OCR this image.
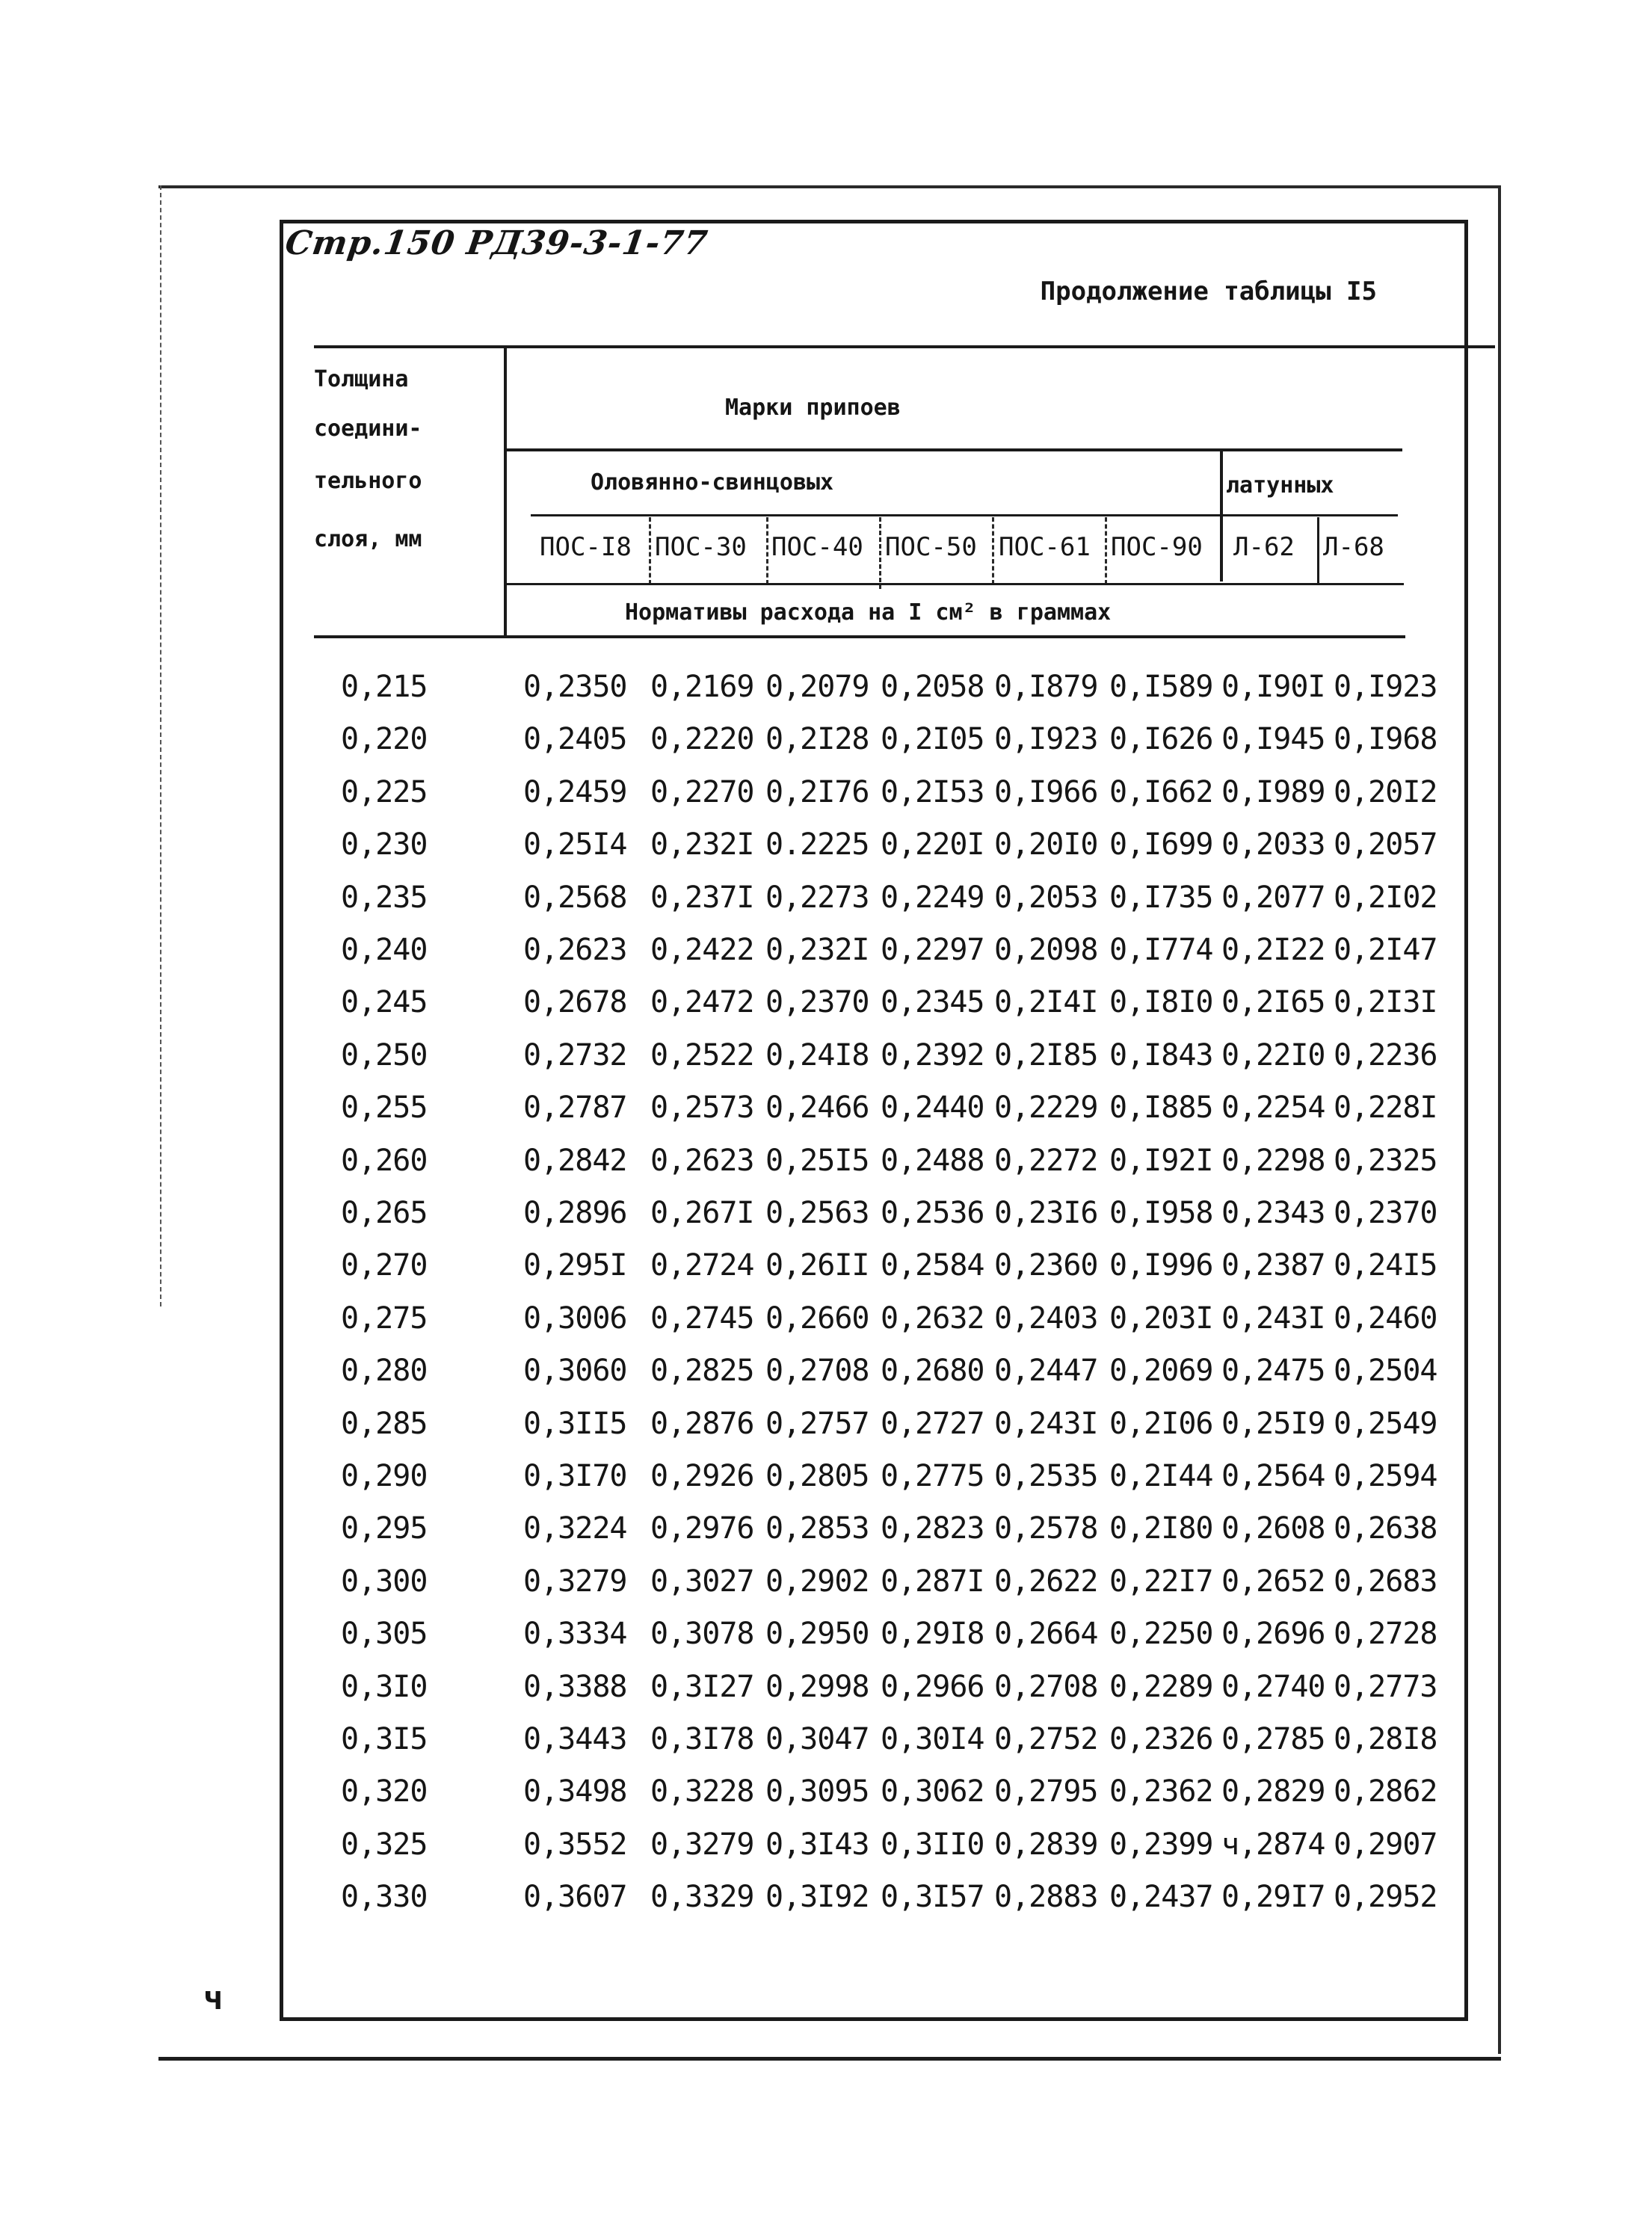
Стр.150 РД39-3-1-77
Продолжение таблицы I5
Толщина
соедини-
тельного
слоя, мм
Марки припоев
Оловянно-свинцовых	латунных
ПОС-I8 ПОС-30 ПОС-40 ПОС-50 ПОС-61 ПОС-90 Л-62 Л-68
Нормативы расхода на I см² в граммах
0,215	0,2350 0,2169 0,2079 0,2058 0,I879 0,I589 0,I90I 0,I923
0,220	0,2405 0,2220 0,2I28 0,2I05 0,I923 0,I626 0,I945 0,I968
0,225	0,2459 0,2270 0,2I76 0,2I53 0,I966 0,I662 0,I989 0,20I2
0,230	0,25I4 0,232I 0.2225 0,220I 0,20I0 0,I699 0,2033 0,2057
0,235	0,2568 0,237I 0,2273 0,2249 0,2053 0,I735 0,2077 0,2I02
0,240	0,2623 0,2422 0,232I 0,2297 0,2098 0,I774 0,2I22 0,2I47
0,245	0,2678 0,2472 0,2370 0,2345 0,2I4I 0,I8I0 0,2I65 0,2I3I
0,250	0,2732 0,2522 0,24I8 0,2392 0,2I85 0,I843 0,22I0 0,2236
0,255	0,2787 0,2573 0,2466 0,2440 0,2229 0,I885 0,2254 0,228I
0,260	0,2842 0,2623 0,25I5 0,2488 0,2272 0,I92I 0,2298 0,2325
0,265	0,2896 0,267I 0,2563 0,2536 0,23I6 0,I958 0,2343 0,2370
0,270	0,295I 0,2724 0,26II 0,2584 0,2360 0,I996 0,2387 0,24I5
0,275	0,3006 0,2745 0,2660 0,2632 0,2403 0,203I 0,243I 0,2460
0,280	0,3060 0,2825 0,2708 0,2680 0,2447 0,2069 0,2475 0,2504
0,285	0,3II5 0,2876 0,2757 0,2727 0,243I 0,2I06 0,25I9 0,2549
0,290	0,3I70 0,2926 0,2805 0,2775 0,2535 0,2I44 0,2564 0,2594
0,295	0,3224 0,2976 0,2853 0,2823 0,2578 0,2I80 0,2608 0,2638
0,300	0,3279 0,3027 0,2902 0,287I 0,2622 0,22I7 0,2652 0,2683
0,305	0,3334 0,3078 0,2950 0,29I8 0,2664 0,2250 0,2696 0,2728
0,3I0	0,3388 0,3I27 0,2998 0,2966 0,2708 0,2289 0,2740 0,2773
0,3I5	0,3443 0,3I78 0,3047 0,30I4 0,2752 0,2326 0,2785 0,28I8
0,320	0,3498 0,3228 0,3095 0,3062 0,2795 0,2362 0,2829 0,2862
0,325	0,3552 0,3279 0,3I43 0,3II0 0,2839 0,2399 ч,2874 0,2907
0,330	0,3607 0,3329 0,3I92 0,3I57 0,2883 0,2437 0,29I7 0,2952
ч
